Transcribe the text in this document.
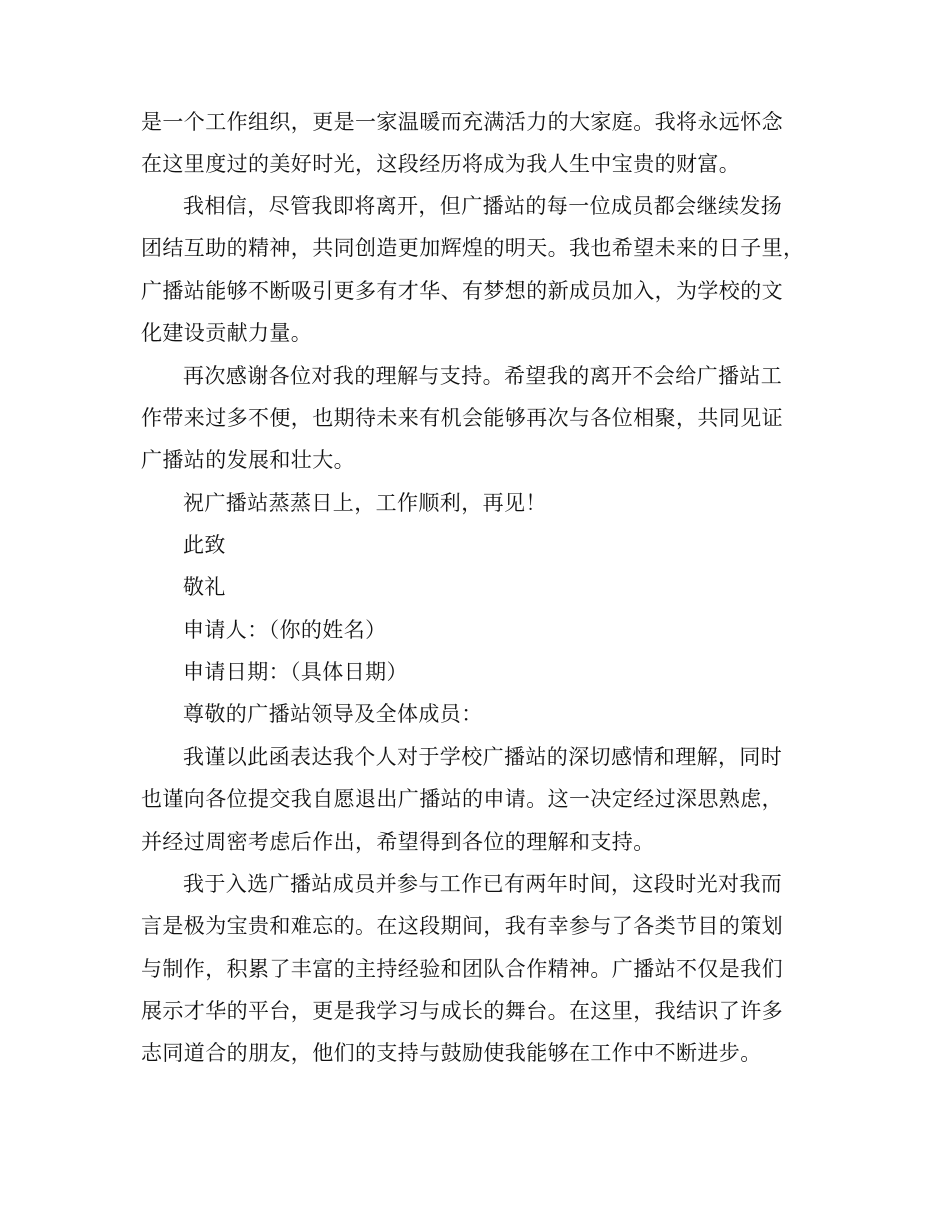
是一个工作组织，更是一家温暖而充满活力的大家庭。我将永远怀念
在这里度过的美好时光，这段经历将成为我人生中宝贵的财富。
我相信，尽管我即将离开，但广播站的每一位成员都会继续发扬
团结互助的精神，共同创造更加辉煌的明天。我也希望未来的日子里，
广播站能够不断吸引更多有才华、有梦想的新成员加入，为学校的文
化建设贡献力量。
再次感谢各位对我的理解与支持。希望我的离开不会给广播站工
作带来过多不便，也期待未来有机会能够再次与各位相聚，共同见证
广播站的发展和壮大。
祝广播站蒸蒸日上，工作顺利，再见！
此致
敬礼
申请人：（你的姓名）
申请日期：（具体日期）
尊敬的广播站领导及全体成员：
我谨以此函表达我个人对于学校广播站的深切感情和理解，同时
也谨向各位提交我自愿退出广播站的申请。这一决定经过深思熟虑，
并经过周密考虑后作出，希望得到各位的理解和支持。
我于入选广播站成员并参与工作已有两年时间，这段时光对我而
言是极为宝贵和难忘的。在这段期间，我有幸参与了各类节目的策划
与制作，积累了丰富的主持经验和团队合作精神。广播站不仅是我们
展示才华的平台，更是我学习与成长的舞台。在这里，我结识了许多
志同道合的朋友，他们的支持与鼓励使我能够在工作中不断进步。
